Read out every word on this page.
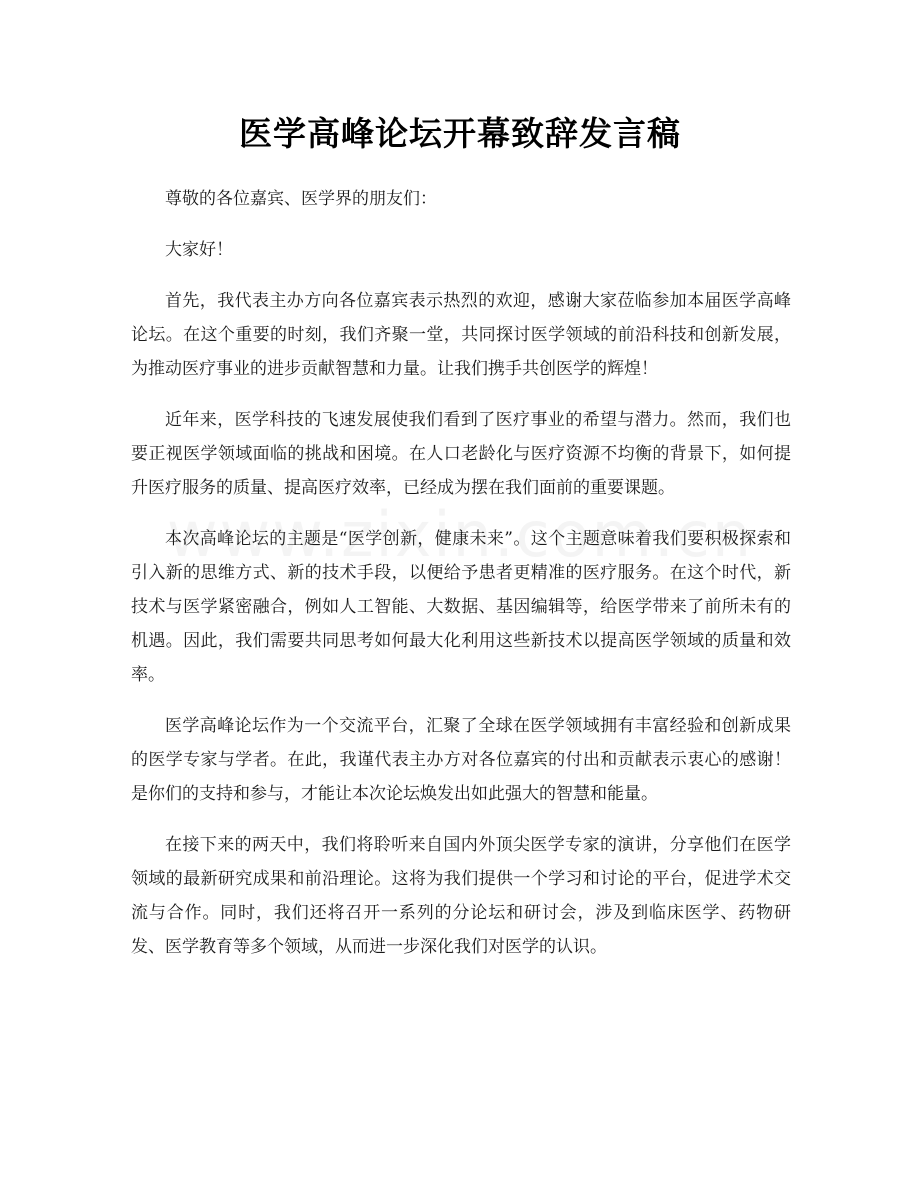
医学高峰论坛开幕致辞发言稿

尊敬的各位嘉宾、医学界的朋友们：

大家好！

首先，我代表主办方向各位嘉宾表示热烈的欢迎，感谢大家莅临参加本届医学高峰论坛。在这个重要的时刻，我们齐聚一堂，共同探讨医学领域的前沿科技和创新发展，为推动医疗事业的进步贡献智慧和力量。让我们携手共创医学的辉煌！

近年来，医学科技的飞速发展使我们看到了医疗事业的希望与潜力。然而，我们也要正视医学领域面临的挑战和困境。在人口老龄化与医疗资源不均衡的背景下，如何提升医疗服务的质量、提高医疗效率，已经成为摆在我们面前的重要课题。

本次高峰论坛的主题是“医学创新，健康未来”。这个主题意味着我们要积极探索和引入新的思维方式、新的技术手段，以便给予患者更精准的医疗服务。在这个时代，新技术与医学紧密融合，例如人工智能、大数据、基因编辑等，给医学带来了前所未有的机遇。因此，我们需要共同思考如何最大化利用这些新技术以提高医学领域的质量和效率。

医学高峰论坛作为一个交流平台，汇聚了全球在医学领域拥有丰富经验和创新成果的医学专家与学者。在此，我谨代表主办方对各位嘉宾的付出和贡献表示衷心的感谢！是你们的支持和参与，才能让本次论坛焕发出如此强大的智慧和能量。

在接下来的两天中，我们将聆听来自国内外顶尖医学专家的演讲，分享他们在医学领域的最新研究成果和前沿理论。这将为我们提供一个学习和讨论的平台，促进学术交流与合作。同时，我们还将召开一系列的分论坛和研讨会，涉及到临床医学、药物研发、医学教育等多个领域，从而进一步深化我们对医学的认识。
